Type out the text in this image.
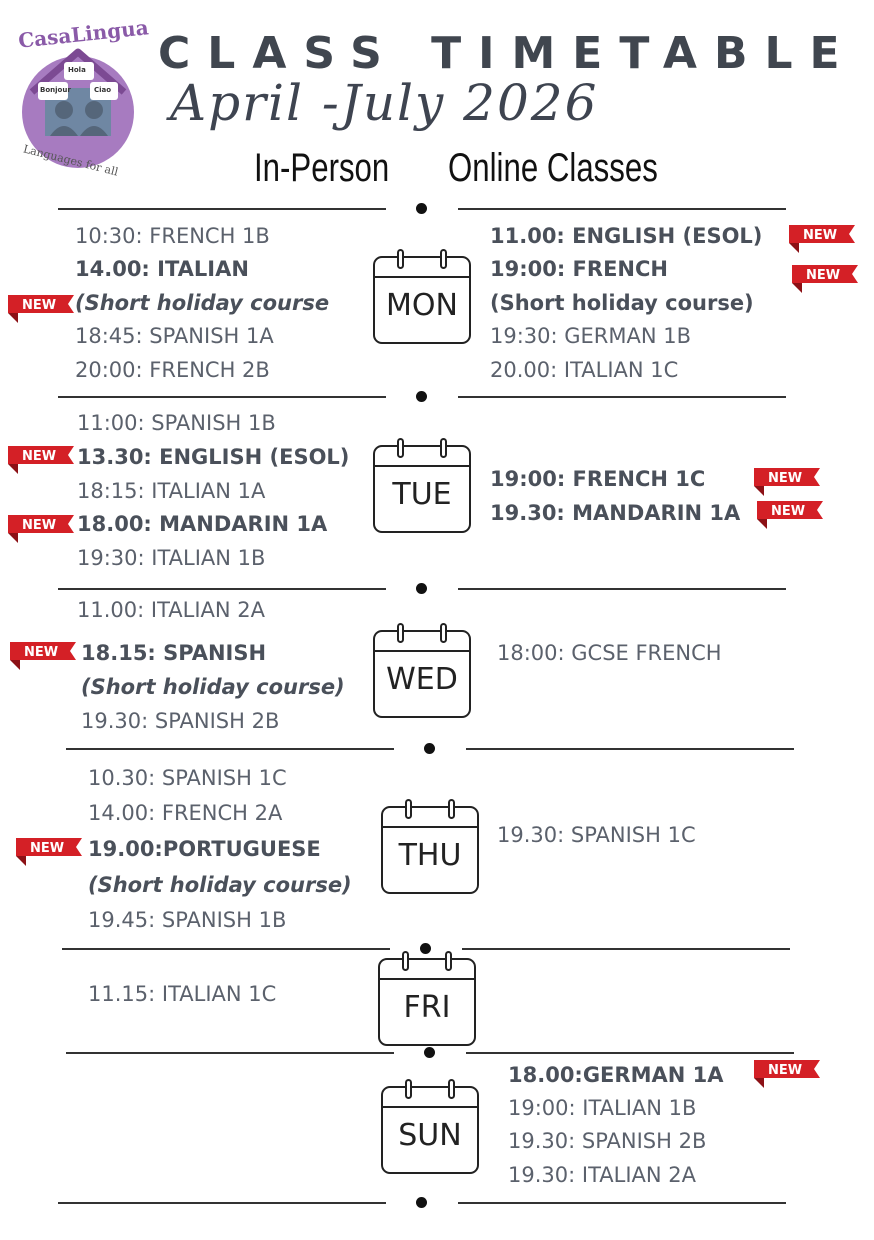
CasaLingua
Hola
Bonjour	Ciao
Languages for all
CLASS TIMETABLE
April -July 2026
In-Person Online Classes
MON
TUE
WED
THU
FRI
SUN
10:30: FRENCH 1B
14.00: ITALIAN
(Short holiday course
18:45: SPANISH 1A
20:00: FRENCH 2B
11.00: ENGLISH (ESOL)
19:00: FRENCH
(Short holiday course)
19:30: GERMAN 1B
20.00: ITALIAN 1C
11:00: SPANISH 1B
13.30: ENGLISH (ESOL)
18:15: ITALIAN 1A
18.00: MANDARIN 1A
19:30: ITALIAN 1B
19:00: FRENCH 1C
19.30: MANDARIN 1A
11.00: ITALIAN 2A
18.15: SPANISH
(Short holiday course)
19.30: SPANISH 2B
18:00: GCSE FRENCH
10.30: SPANISH 1C
14.00: FRENCH 2A
19.00:PORTUGUESE
(Short holiday course)
19.45: SPANISH 1B
19.30: SPANISH 1C
11.15: ITALIAN 1C
18.00:GERMAN 1A
19:00: ITALIAN 1B
19.30: SPANISH 2B
19.30: ITALIAN 2A
NEW
NEW
NEW
NEW
NEW
NEW
NEW
NEW
NEW
NEW
